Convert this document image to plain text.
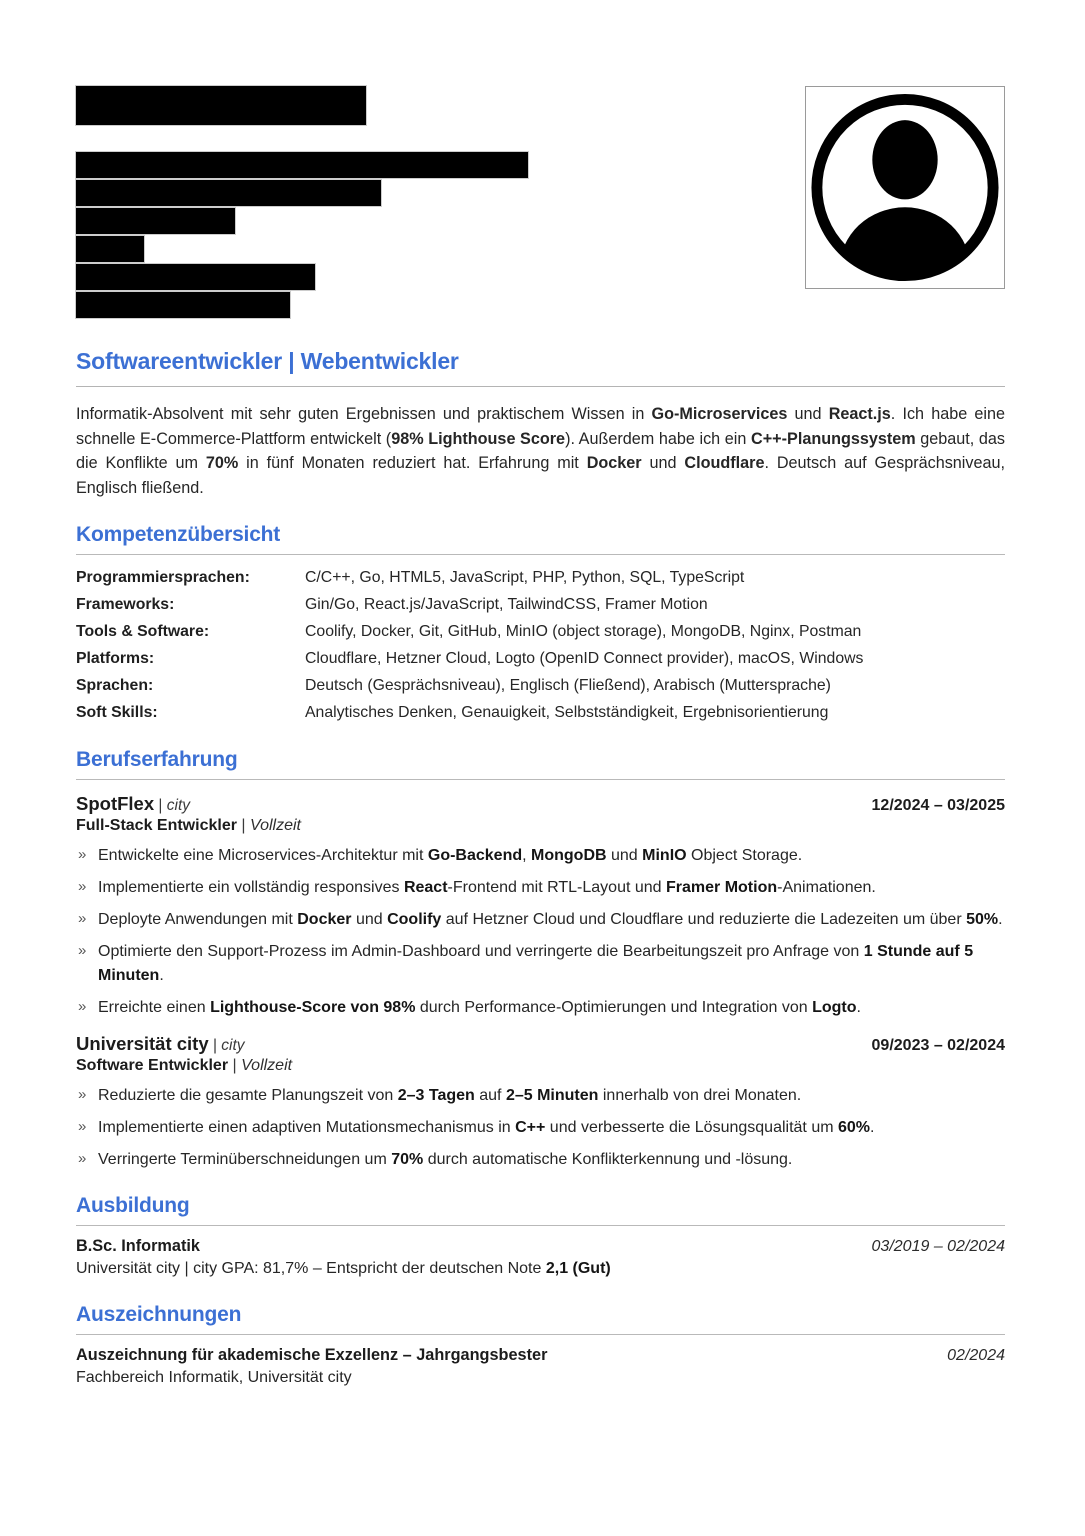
Softwareentwickler | Webentwickler
Informatik-Absolvent mit sehr guten Ergebnissen und praktischem Wissen in Go-Microservices und React.js. Ich habe eine schnelle E-Commerce-Plattform entwickelt (98% Lighthouse Score). Außerdem habe ich ein C++-Planungssystem gebaut, das die Konflikte um 70% in fünf Monaten reduziert hat. Erfahrung mit Docker und Cloudflare. Deutsch auf Gesprächsniveau, Englisch fließend.
Kompetenzübersicht
Programmiersprachen:	C/C++, Go, HTML5, JavaScript, PHP, Python, SQL, TypeScript
Frameworks:	Gin/Go, React.js/JavaScript, TailwindCSS, Framer Motion
Tools & Software:	Coolify, Docker, Git, GitHub, MinIO (object storage), MongoDB, Nginx, Postman
Platforms:	Cloudflare, Hetzner Cloud, Logto (OpenID Connect provider), macOS, Windows
Sprachen:	Deutsch (Gesprächsniveau), Englisch (Fließend), Arabisch (Muttersprache)
Soft Skills:	Analytisches Denken, Genauigkeit, Selbstständigkeit, Ergebnisorientierung
Berufserfahrung
SpotFlex | city	12/2024 – 03/2025
Full-Stack Entwickler | Vollzeit
» Entwickelte eine Microservices-Architektur mit Go-Backend, MongoDB und MinIO Object Storage.
» Implementierte ein vollständig responsives React-Frontend mit RTL-Layout und Framer Motion-Animationen.
» Deployte Anwendungen mit Docker und Coolify auf Hetzner Cloud und Cloudflare und reduzierte die Ladezeiten um über 50%.
» Optimierte den Support-Prozess im Admin-Dashboard und verringerte die Bearbeitungszeit pro Anfrage von 1 Stunde auf 5 Minuten.
» Erreichte einen Lighthouse-Score von 98% durch Performance-Optimierungen und Integration von Logto.
Universität city | city	09/2023 – 02/2024
Software Entwickler | Vollzeit
» Reduzierte die gesamte Planungszeit von 2–3 Tagen auf 2–5 Minuten innerhalb von drei Monaten.
» Implementierte einen adaptiven Mutationsmechanismus in C++ und verbesserte die Lösungsqualität um 60%.
» Verringerte Terminüberschneidungen um 70% durch automatische Konflikterkennung und -lösung.
Ausbildung
B.Sc. Informatik	03/2019 – 02/2024
Universität city | city GPA: 81,7% – Entspricht der deutschen Note 2,1 (Gut)
Auszeichnungen
Auszeichnung für akademische Exzellenz – Jahrgangsbester	02/2024
Fachbereich Informatik, Universität city
